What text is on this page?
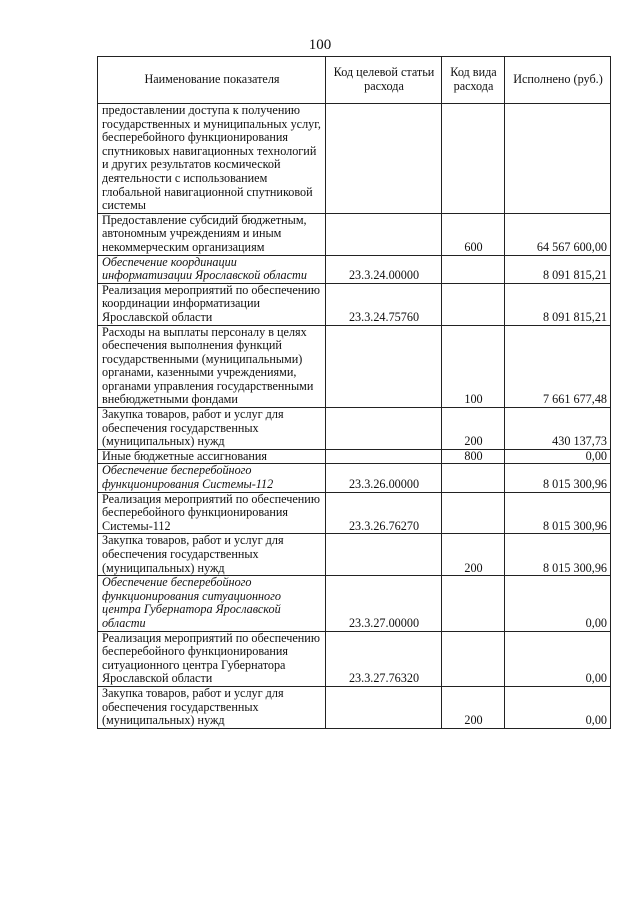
100
Наименование показателя	Код целевой статьи расхода	Код вида расхода	Исполнено (руб.)
предоставлении доступа к получению государственных и муниципальных услуг, бесперебойного функционирования спутниковых навигационных технологий и других результатов космической деятельности с использованием глобальной навигационной спутниковой системы			
Предоставление субсидий бюджетным, автономным учреждениям и иным некоммерческим организациям		600	64 567 600,00
Обеспечение координации информатизации Ярославской области	23.3.24.00000		8 091 815,21
Реализация мероприятий по обеспечению координации информатизации Ярославской области	23.3.24.75760		8 091 815,21
Расходы на выплаты персоналу в целях обеспечения выполнения функций государственными (муниципальными) органами, казенными учреждениями, органами управления государственными внебюджетными фондами		100	7 661 677,48
Закупка товаров, работ и услуг для обеспечения государственных (муниципальных) нужд		200	430 137,73
Иные бюджетные ассигнования		800	0,00
Обеспечение бесперебойного функционирования Системы-112	23.3.26.00000		8 015 300,96
Реализация мероприятий по обеспечению бесперебойного функционирования Системы-112	23.3.26.76270		8 015 300,96
Закупка товаров, работ и услуг для обеспечения государственных (муниципальных) нужд		200	8 015 300,96
Обеспечение бесперебойного функционирования ситуационного центра Губернатора Ярославской области	23.3.27.00000		0,00
Реализация мероприятий по обеспечению бесперебойного функционирования ситуационного центра Губернатора Ярославской области	23.3.27.76320		0,00
Закупка товаров, работ и услуг для обеспечения государственных (муниципальных) нужд		200	0,00
